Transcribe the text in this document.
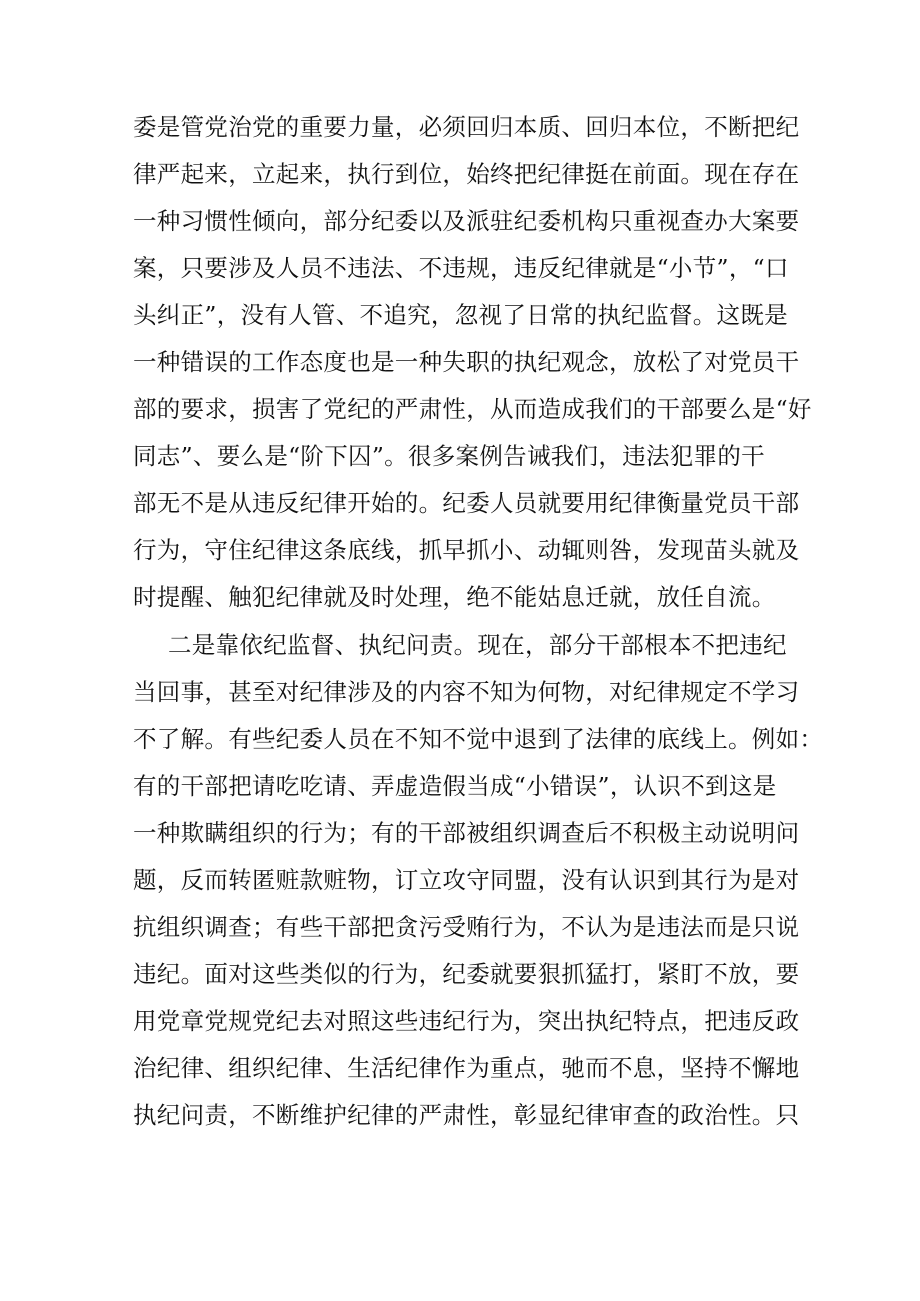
委是管党治党的重要力量，必须回归本质、回归本位，不断把纪
律严起来，立起来，执行到位，始终把纪律挺在前面。现在存在
一种习惯性倾向，部分纪委以及派驻纪委机构只重视查办大案要
案，只要涉及人员不违法、不违规，违反纪律就是“小节”，“口
头纠正”，没有人管、不追究，忽视了日常的执纪监督。这既是
一种错误的工作态度也是一种失职的执纪观念，放松了对党员干
部的要求，损害了党纪的严肃性，从而造成我们的干部要么是“好
同志”、要么是“阶下囚”。很多案例告诫我们，违法犯罪的干
部无不是从违反纪律开始的。纪委人员就要用纪律衡量党员干部
行为，守住纪律这条底线，抓早抓小、动辄则咎，发现苗头就及
时提醒、触犯纪律就及时处理，绝不能姑息迁就，放任自流。
二是靠依纪监督、执纪问责。现在，部分干部根本不把违纪
当回事，甚至对纪律涉及的内容不知为何物，对纪律规定不学习
不了解。有些纪委人员在不知不觉中退到了法律的底线上。例如：
有的干部把请吃吃请、弄虚造假当成“小错误”，认识不到这是
一种欺瞒组织的行为；有的干部被组织调查后不积极主动说明问
题，反而转匿赃款赃物，订立攻守同盟，没有认识到其行为是对
抗组织调查；有些干部把贪污受贿行为，不认为是违法而是只说
违纪。面对这些类似的行为，纪委就要狠抓猛打，紧盯不放，要
用党章党规党纪去对照这些违纪行为，突出执纪特点，把违反政
治纪律、组织纪律、生活纪律作为重点，驰而不息，坚持不懈地
执纪问责，不断维护纪律的严肃性，彰显纪律审查的政治性。只
